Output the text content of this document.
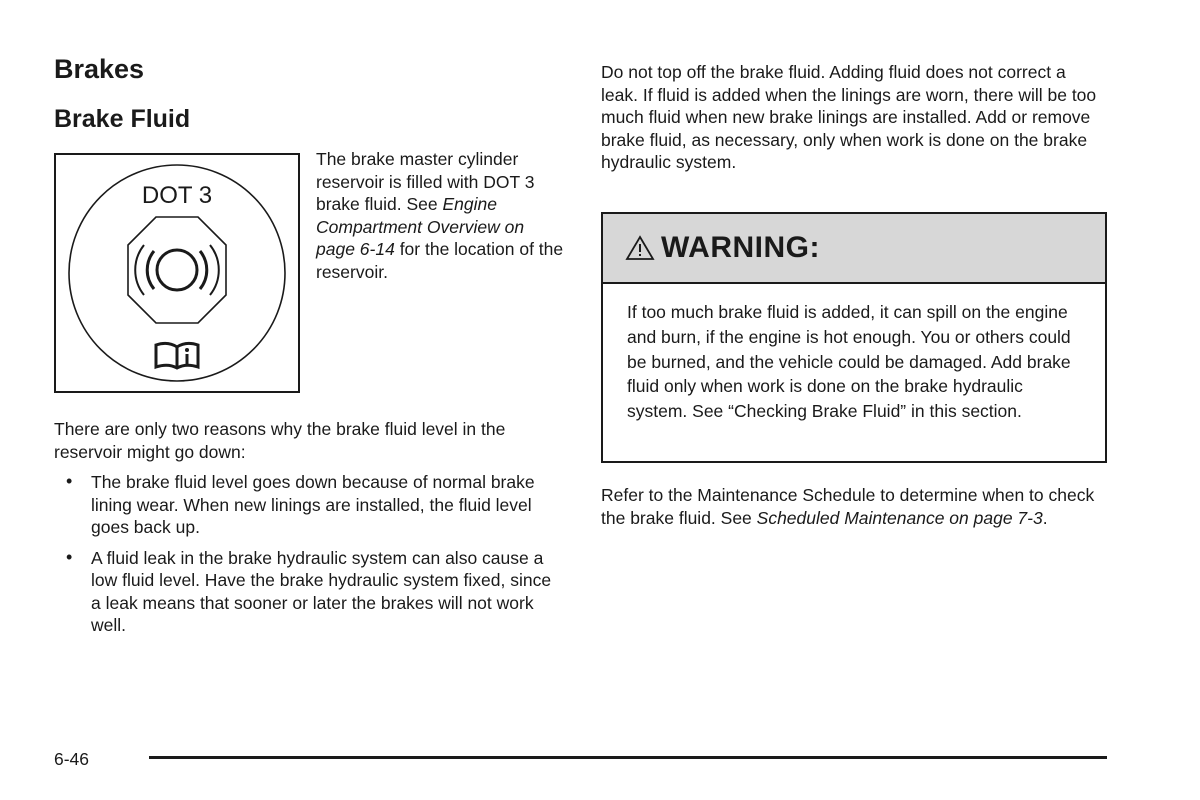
Brakes
Brake Fluid
DOT 3

The brake master cylinder reservoir is filled with DOT 3 brake fluid. See Engine Compartment Overview on page 6-14 for the location of the reservoir.

There are only two reasons why the brake fluid level in the reservoir might go down:

• The brake fluid level goes down because of normal brake lining wear. When new linings are installed, the fluid level goes back up.
• A fluid leak in the brake hydraulic system can also cause a low fluid level. Have the brake hydraulic system fixed, since a leak means that sooner or later the brakes will not work well.

Do not top off the brake fluid. Adding fluid does not correct a leak. If fluid is added when the linings are worn, there will be too much fluid when new brake linings are installed. Add or remove brake fluid, as necessary, only when work is done on the brake hydraulic system.

WARNING:
If too much brake fluid is added, it can spill on the engine and burn, if the engine is hot enough. You or others could be burned, and the vehicle could be damaged. Add brake fluid only when work is done on the brake hydraulic system. See “Checking Brake Fluid” in this section.

Refer to the Maintenance Schedule to determine when to check the brake fluid. See Scheduled Maintenance on page 7-3.

6-46
